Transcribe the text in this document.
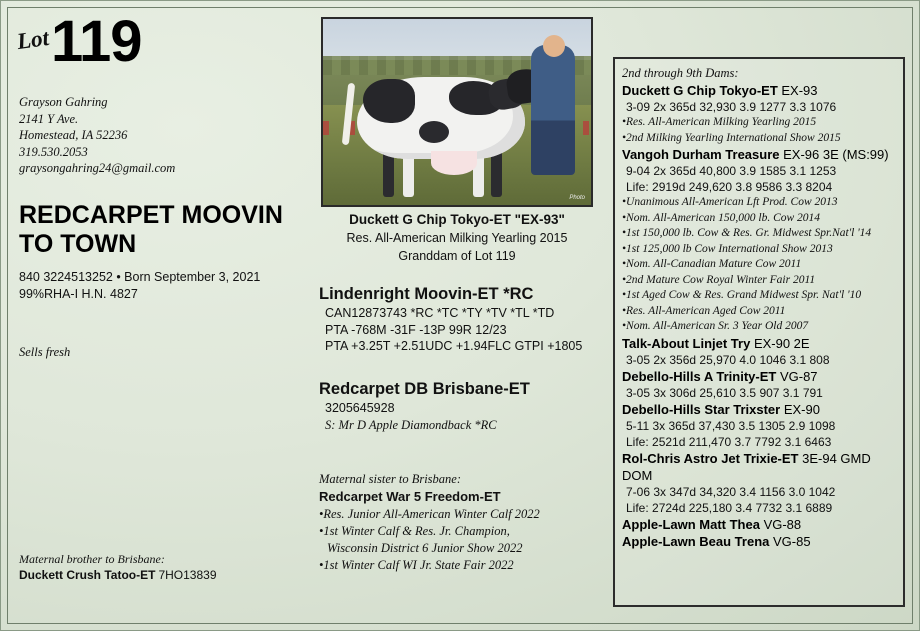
Lot 119
Grayson Gahring
2141 Y Ave.
Homestead, IA 52236
319.530.2053
graysongahring24@gmail.com
REDCARPET MOOVIN
TO TOWN
840 3224513252 • Born September 3, 2021
99%RHA-I H.N. 4827
Sells fresh
Maternal brother to Brisbane:
Duckett Crush Tatoo-ET 7HO13839
Photo
Duckett G Chip Tokyo-ET "EX-93"
Res. All-American Milking Yearling 2015
Granddam of Lot 119
Lindenright Moovin-ET *RC
CAN12873743 *RC *TC *TY *TV *TL *TD
PTA -768M -31F -13P 99R 12/23
PTA +3.25T +2.51UDC +1.94FLC GTPI +1805
Redcarpet DB Brisbane-ET
3205645928
S: Mr D Apple Diamondback *RC
Maternal sister to Brisbane:
Redcarpet War 5 Freedom-ET
•Res. Junior All-American Winter Calf 2022
•1st Winter Calf & Res. Jr. Champion,
Wisconsin District 6 Junior Show 2022
•1st Winter Calf WI Jr. State Fair 2022
2nd through 9th Dams:
Duckett G Chip Tokyo-ET EX-93
3-09 2x 365d 32,930 3.9 1277 3.3 1076
•Res. All-American Milking Yearling 2015
•2nd Milking Yearling International Show 2015
Vangoh Durham Treasure EX-96 3E (MS:99)
9-04 2x 365d 40,800 3.9 1585 3.1 1253
Life: 2919d 249,620 3.8 9586 3.3 8204
•Unanimous All-American Lft Prod. Cow 2013
•Nom. All-American 150,000 lb. Cow 2014
•1st 150,000 lb. Cow & Res. Gr. Midwest Spr.Nat'l '14
•1st 125,000 lb Cow International Show 2013
•Nom. All-Canadian Mature Cow 2011
•2nd Mature Cow Royal Winter Fair 2011
•1st Aged Cow & Res. Grand Midwest Spr. Nat'l '10
•Res. All-American Aged Cow 2011
•Nom. All-American Sr. 3 Year Old 2007
Talk-About Linjet Try EX-90 2E
3-05 2x 356d 25,970 4.0 1046 3.1 808
Debello-Hills A Trinity-ET VG-87
3-05 3x 306d 25,610 3.5 907 3.1 791
Debello-Hills Star Trixster EX-90
5-11 3x 365d 37,430 3.5 1305 2.9 1098
Life: 2521d 211,470 3.7 7792 3.1 6463
Rol-Chris Astro Jet Trixie-ET 3E-94 GMD DOM
7-06 3x 347d 34,320 3.4 1156 3.0 1042
Life: 2724d 225,180 3.4 7732 3.1 6889
Apple-Lawn Matt Thea VG-88
Apple-Lawn Beau Trena VG-85
